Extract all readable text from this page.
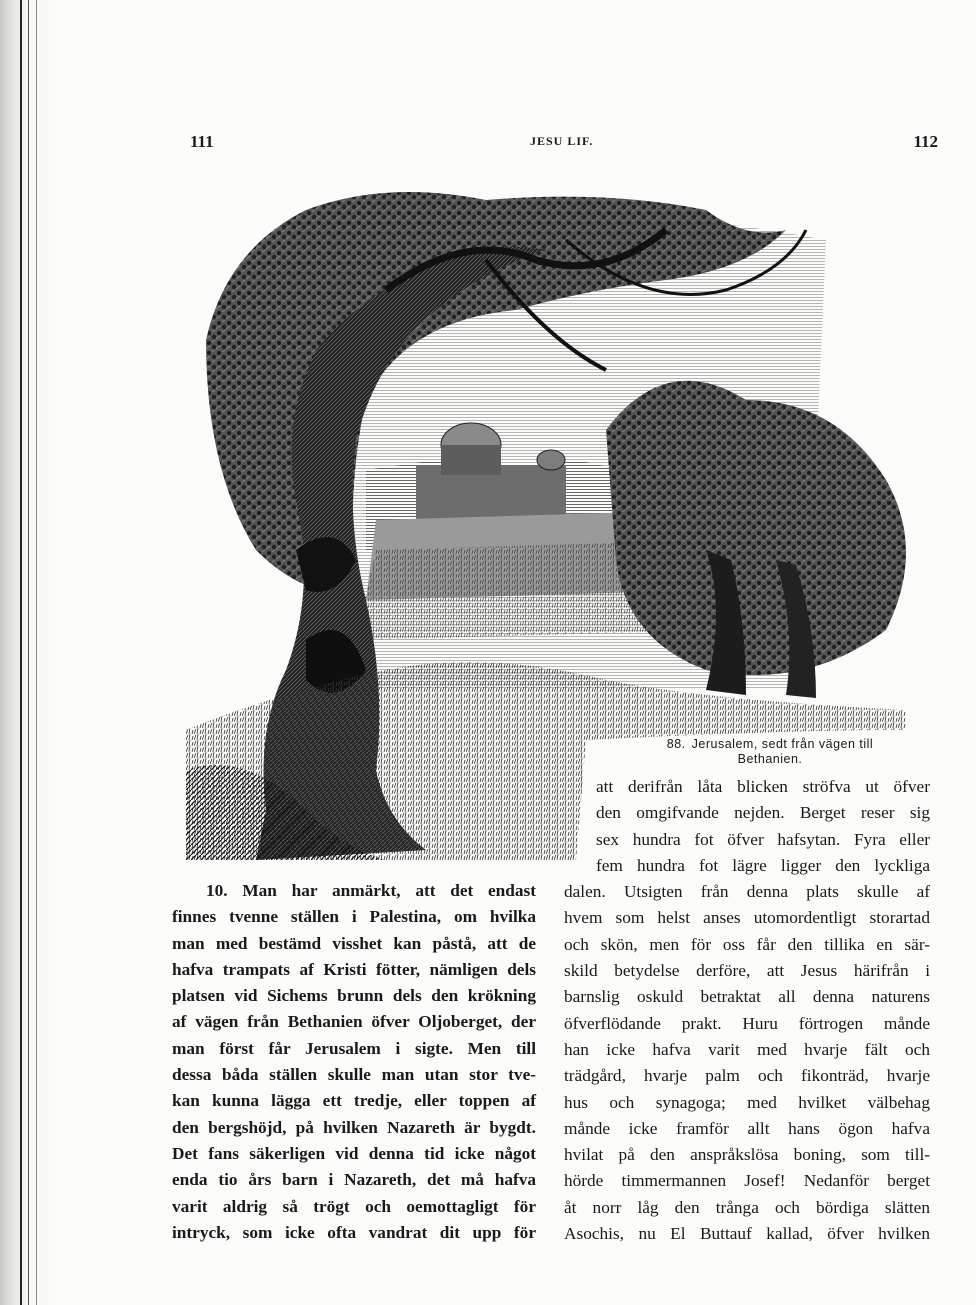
111	JESU LIF.	112
88. Jerusalem, sedt från vägen till
Bethanien.
10. Man har anmärkt, att det endast
finnes tvenne ställen i Palestina, om hvilka
man med bestämd visshet kan påstå, att de
hafva trampats af Kristi fötter, nämligen dels
platsen vid Sichems brunn dels den krökning
af vägen från Bethanien öfver Oljoberget, der
man först får Jerusalem i sigte. Men till
dessa båda ställen skulle man utan stor tve-
kan kunna lägga ett tredje, eller toppen af
den bergshöjd, på hvilken Nazareth är bygdt.
Det fans säkerligen vid denna tid icke något
enda tio års barn i Nazareth, det må hafva
varit aldrig så trögt och oemottagligt för
intryck, som icke ofta vandrat dit upp för
att derifrån låta blicken ströfva ut öfver
den omgifvande nejden. Berget reser sig
sex hundra fot öfver hafsytan. Fyra eller
fem hundra fot lägre ligger den lyckliga
dalen. Utsigten från denna plats skulle af
hvem som helst anses utomordentligt storartad
och skön, men för oss får den tillika en sär-
skild betydelse derföre, att Jesus härifrån i
barnslig oskuld betraktat all denna naturens
öfverflödande prakt. Huru förtrogen månde
han icke hafva varit med hvarje fält och
trädgård, hvarje palm och fikonträd, hvarje
hus och synagoga; med hvilket välbehag
månde icke framför allt hans ögon hafva
hvilat på den anspråkslösa boning, som till-
hörde timmermannen Josef! Nedanför berget
åt norr låg den trånga och bördiga slätten
Asochis, nu El Buttauf kallad, öfver hvilken
